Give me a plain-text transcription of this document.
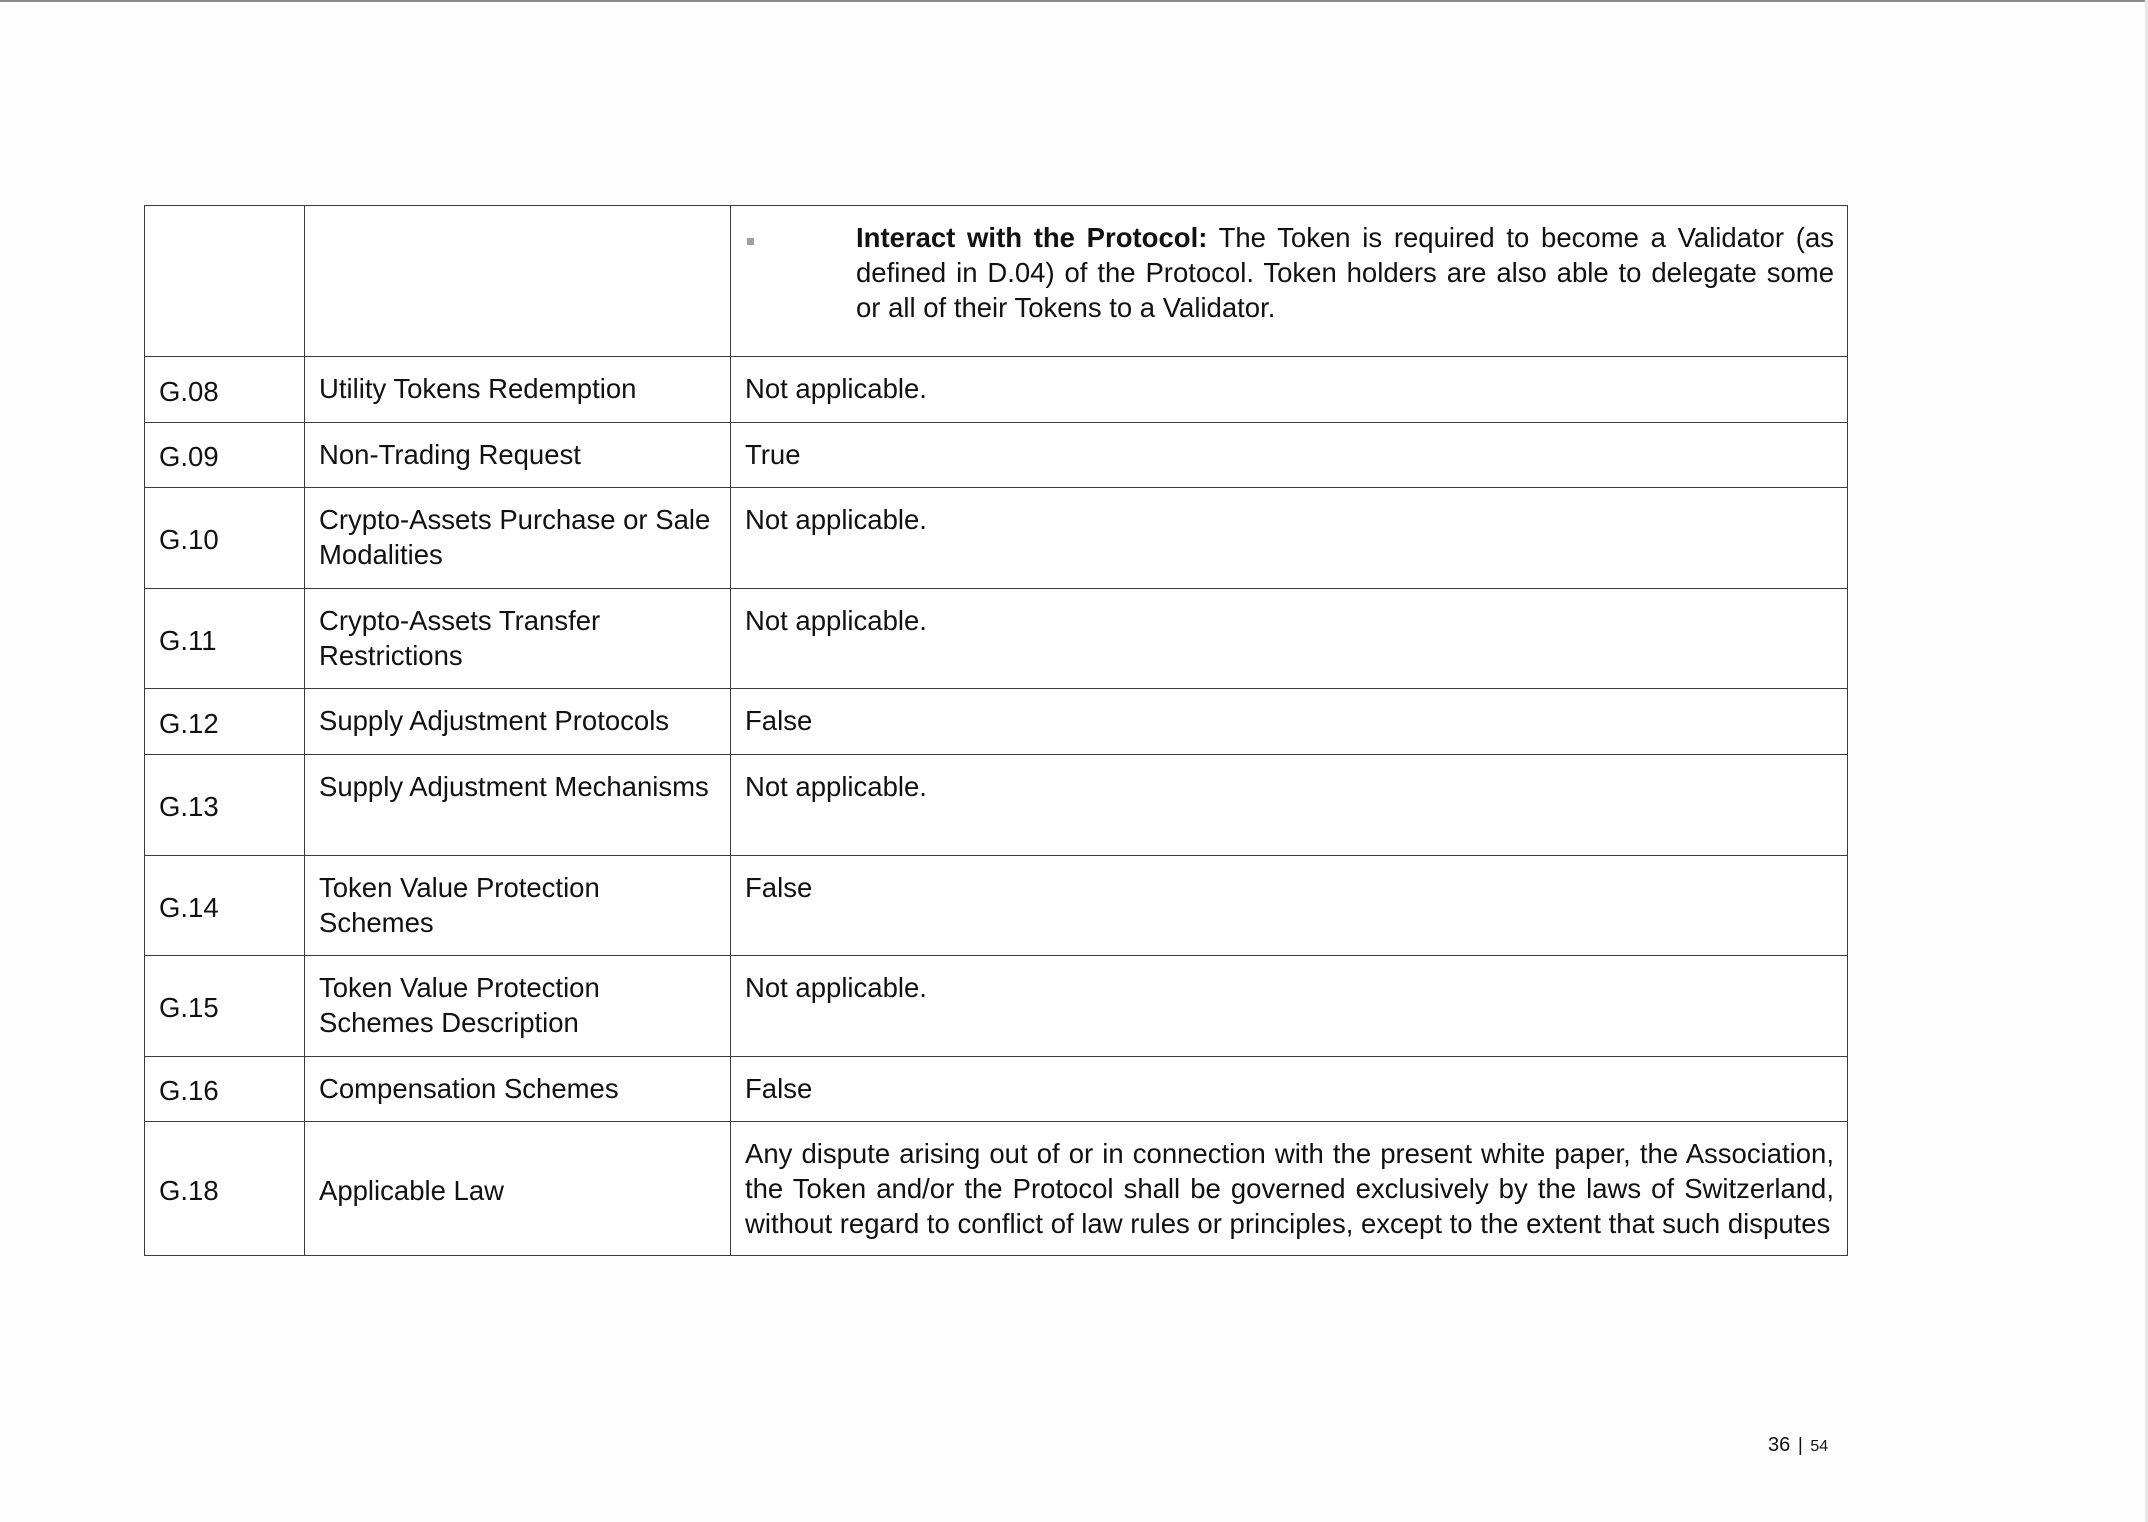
		Interact with the Protocol: The Token is required to become a Validator (as defined in D.04) of the Protocol. Token holders are also able to delegate some or all of their Tokens to a Validator.

G.08	Utility Tokens Redemption	Not applicable.
G.09	Non-Trading Request	True
G.10	Crypto-Assets Purchase or Sale Modalities	Not applicable.
G.11	Crypto-Assets Transfer Restrictions	Not applicable.
G.12	Supply Adjustment Protocols	False
G.13	Supply Adjustment Mechanisms	Not applicable.
G.14	Token Value Protection Schemes	False
G.15	Token Value Protection Schemes Description	Not applicable.
G.16	Compensation Schemes	False
G.18	Applicable Law	Any dispute arising out of or in connection with the present white paper, the Association, the Token and/or the Protocol shall be governed exclusively by the laws of Switzerland, without regard to conflict of law rules or principles, except to the extent that such disputes
36 | 54
